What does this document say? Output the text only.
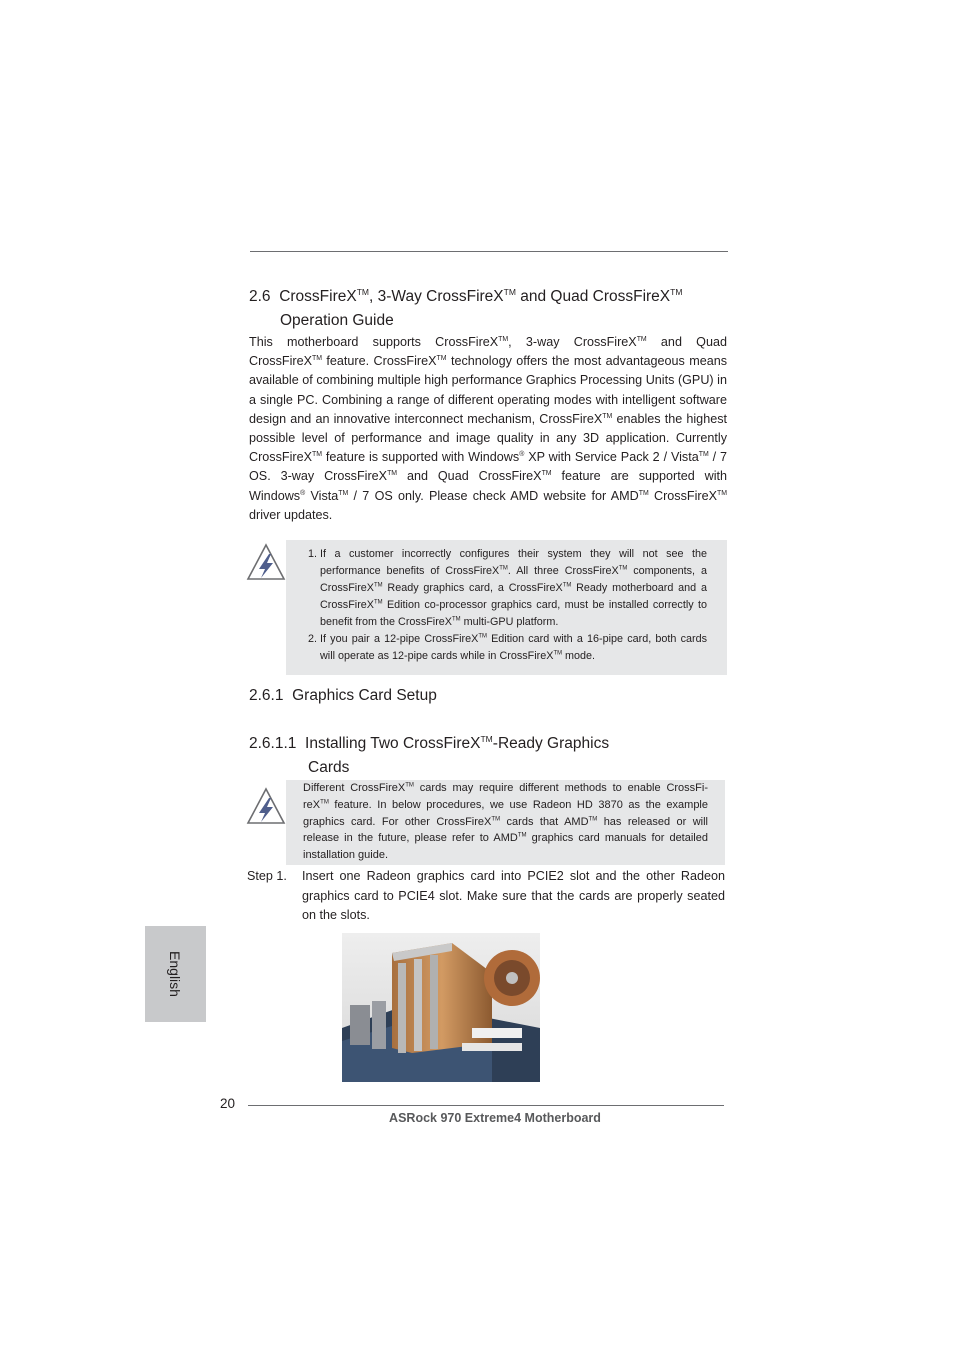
2.6 CrossFireX™, 3-Way CrossFireX™ and Quad CrossFireX™
Operation Guide
This motherboard supports CrossFireX™, 3-way CrossFireX™ and Quad CrossFireX™ feature. CrossFireX™ technology offers the most advantageous means available of combining multiple high performance Graphics Processing Units (GPU) in a single PC. Combining a range of different operating modes with intelligent software design and an innovative interconnect mechanism, CrossFireX™ enables the highest possible level of performance and image quality in any 3D application. Currently CrossFireX™ feature is supported with Windows® XP with Service Pack 2 / Vista™ / 7 OS. 3-way CrossFireX™ and Quad CrossFireX™ feature are supported with Windows® Vista™ / 7 OS only. Please check AMD website for AMD™ CrossFireX™ driver updates.
1. If a customer incorrectly configures their system they will not see the performance benefits of CrossFireX™. All three CrossFireX™ components, a CrossFireX™ Ready graphics card, a CrossFireX™ Ready motherboard and a CrossFireX™ Edition co-processor graphics card, must be installed correctly to benefit from the CrossFireX™ multi-GPU platform.
2. If you pair a 12-pipe CrossFireX™ Edition card with a 16-pipe card, both cards will operate as 12-pipe cards while in CrossFireX™ mode.
2.6.1 Graphics Card Setup
2.6.1.1 Installing Two CrossFireX™-Ready Graphics
Cards

Different CrossFireX™ cards may require different methods to enable CrossFi-reX™ feature. In below procedures, we use Radeon HD 3870 as the example graphics card. For other CrossFireX™ cards that AMD™ has released or will release in the future, please refer to AMD™ graphics card manuals for detailed installation guide.

Step 1. Insert one Radeon graphics card into PCIE2 slot and the other Radeon graphics card to PCIE4 slot. Make sure that the cards are properly seated on the slots.
English
20
ASRock 970 Extreme4 Motherboard
